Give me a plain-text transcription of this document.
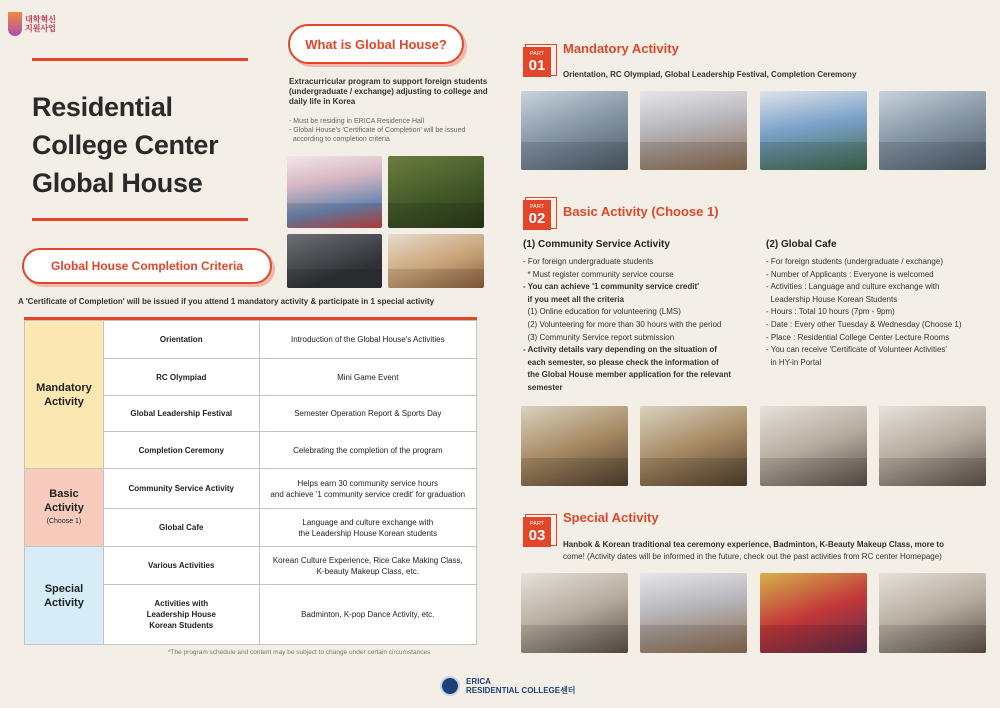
대학혁신
지원사업
Residential
College Center
Global House
What is Global House?
Extracurricular program to support foreign students (undergraduate / exchange) adjusting to college and daily life in Korea
- Must be residing in ERICA Residence Hall
- Global House's 'Certificate of Completion' will be issued
according to completion criteria
Global House Completion Criteria
A 'Certificate of Completion' will be issued if you attend 1 mandatory activity & participate in 1 special activity
Mandatory
Activity	Orientation	Introduction of the Global House's Activities
	RC Olympiad	Mini Game Event
	Global Leadership Festival	Semester Operation Report & Sports Day
	Completion Ceremony	Celebrating the completion of the program

Basic
Activity
(Choose 1)	Community Service Activity	Helps earn 30 community service hours
and achieve '1 community service credit' for graduation

	Global Cafe	Language and culture exchange with
the Leadership House Korean students

Special
Activity	Various Activities	Korean Culture Experience, Rice Cake Making Class,
K-beauty Makeup Class, etc.

	Activities with
Leadership House
Korean Students	Badminton, K-pop Dance Activity, etc.
*The program schedule and content may be subject to change under certain circumstances
PART
01
Mandatory Activity
Orientation, RC Olympiad, Global Leadership Festival, Completion Ceremony
PART
02	Basic Activity (Choose 1)
(1) Community Service Activity
- For foreign undergraduate students
* Must register community service course
- You can achieve '1 community service credit'
if you meet all the criteria
(1) Online education for volunteering (LMS)
(2) Volunteering for more than 30 hours with the period
(3) Community Service report submission
- Activity details vary depending on the situation of
each semester, so please check the information of
the Global House member application for the relevant
semester
(2) Global Cafe
- For foreign students (undergraduate / exchange)
- Number of Applicants : Everyone is welcomed
- Activities : Language and culture exchange with
Leadership House Korean Students
- Hours : Total 10 hours (7pm - 9pm)
- Date : Every other Tuesday & Wednesday (Choose 1)
- Place : Residential College Center Lecture Rooms
- You can receive 'Certificate of Volunteer Activities'
in HY-in Portal
PART
03
Special Activity
Hanbok & Korean traditional tea ceremony experience, Badminton, K-Beauty Makeup Class, more to
come! (Activity dates will be informed in the future, check out the past activities from RC center Homepage)
ERICA
RESIDENTIAL COLLEGE센터
